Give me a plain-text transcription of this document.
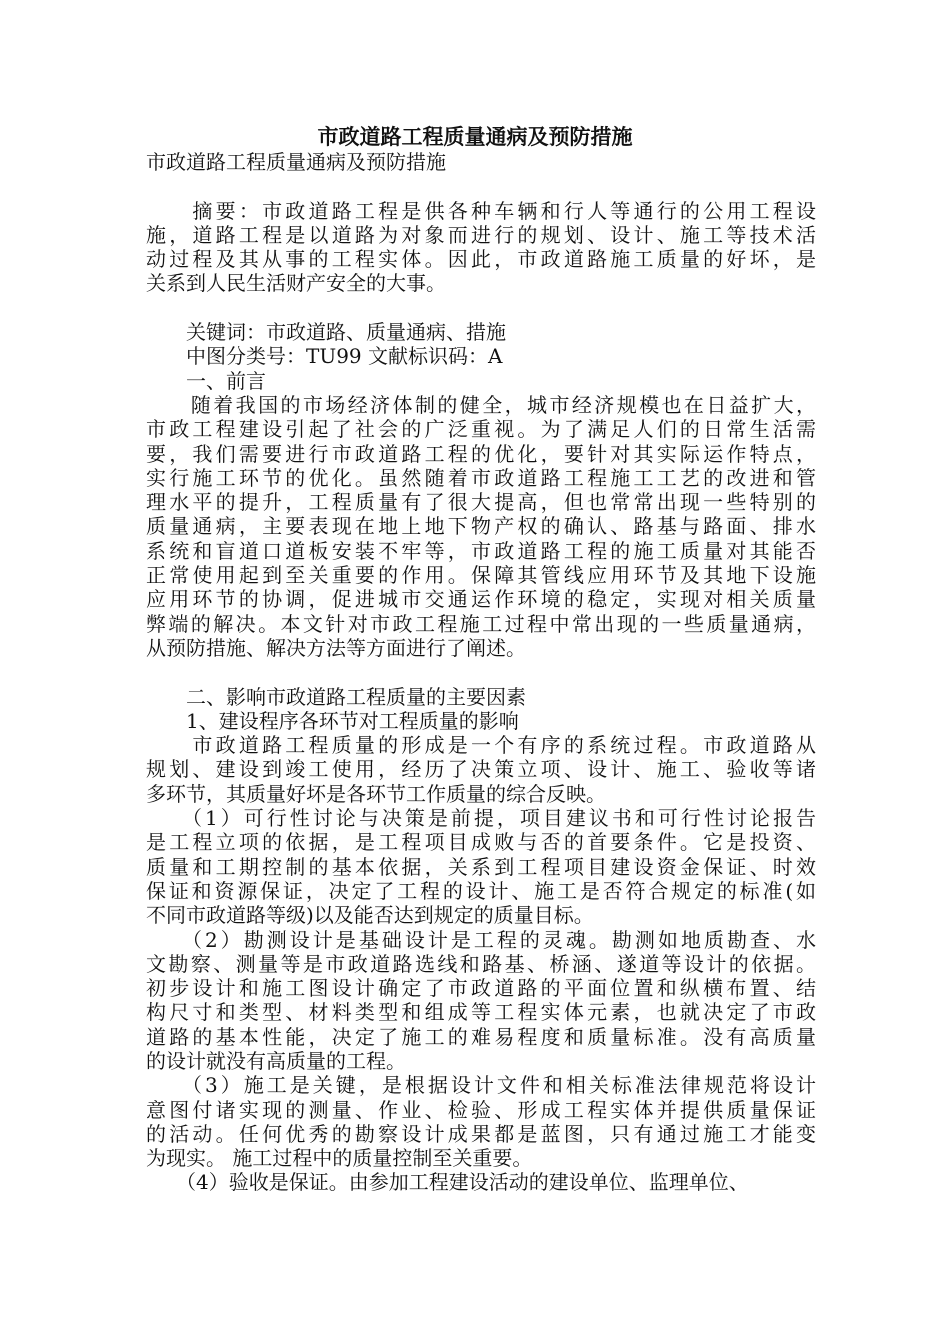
市政道路工程质量通病及预防措施
市政道路工程质量通病及预防措施
　　摘要：市政道路工程是供各种车辆和行人等通行的公用工程设
施，道路工程是以道路为对象而进行的规划、设计、施工等技术活
动过程及其从事的工程实体。因此，市政道路施工质量的好坏，是
关系到人民生活财产安全的大事。
　　关键词：市政道路、质量通病、措施
　　中图分类号：TU99 文献标识码：A
　　一、前言
　　随着我国的市场经济体制的健全，城市经济规模也在日益扩大，
市政工程建设引起了社会的广泛重视。为了满足人们的日常生活需
要，我们需要进行市政道路工程的优化，要针对其实际运作特点，
实行施工环节的优化。虽然随着市政道路工程施工工艺的改进和管
理水平的提升，工程质量有了很大提高，但也常常出现一些特别的
质量通病，主要表现在地上地下物产权的确认、路基与路面、排水
系统和盲道口道板安装不牢等，市政道路工程的施工质量对其能否
正常使用起到至关重要的作用。保障其管线应用环节及其地下设施
应用环节的协调，促进城市交通运作环境的稳定，实现对相关质量
弊端的解决。本文针对市政工程施工过程中常出现的一些质量通病，
从预防措施、解决方法等方面进行了阐述。
　　二、影响市政道路工程质量的主要因素
　　1、建设程序各环节对工程质量的影响
　　市政道路工程质量的形成是一个有序的系统过程。市政道路从
规划、建设到竣工使用，经历了决策立项、设计、施工、验收等诸
多环节，其质量好坏是各环节工作质量的综合反映。
　　（1）可行性讨论与决策是前提，项目建议书和可行性讨论报告
是工程立项的依据，是工程项目成败与否的首要条件。它是投资、
质量和工期控制的基本依据，关系到工程项目建设资金保证、时效
保证和资源保证，决定了工程的设计、施工是否符合规定的标准(如
不同市政道路等级)以及能否达到规定的质量目标。
　　（2）勘测设计是基础设计是工程的灵魂。勘测如地质勘查、水
文勘察、测量等是市政道路选线和路基、桥涵、遂道等设计的依据。
初步设计和施工图设计确定了市政道路的平面位置和纵横布置、结
构尺寸和类型、材料类型和组成等工程实体元素，也就决定了市政
道路的基本性能，决定了施工的难易程度和质量标准。没有高质量
的设计就没有高质量的工程。
　　（3）施工是关键，是根据设计文件和相关标准法律规范将设计
意图付诸实现的测量、作业、检验、形成工程实体并提供质量保证
的活动。任何优秀的勘察设计成果都是蓝图，只有通过施工才能变
为现实。 施工过程中的质量控制至关重要。
　　（4）验收是保证。由参加工程建设活动的建设单位、监理单位、
